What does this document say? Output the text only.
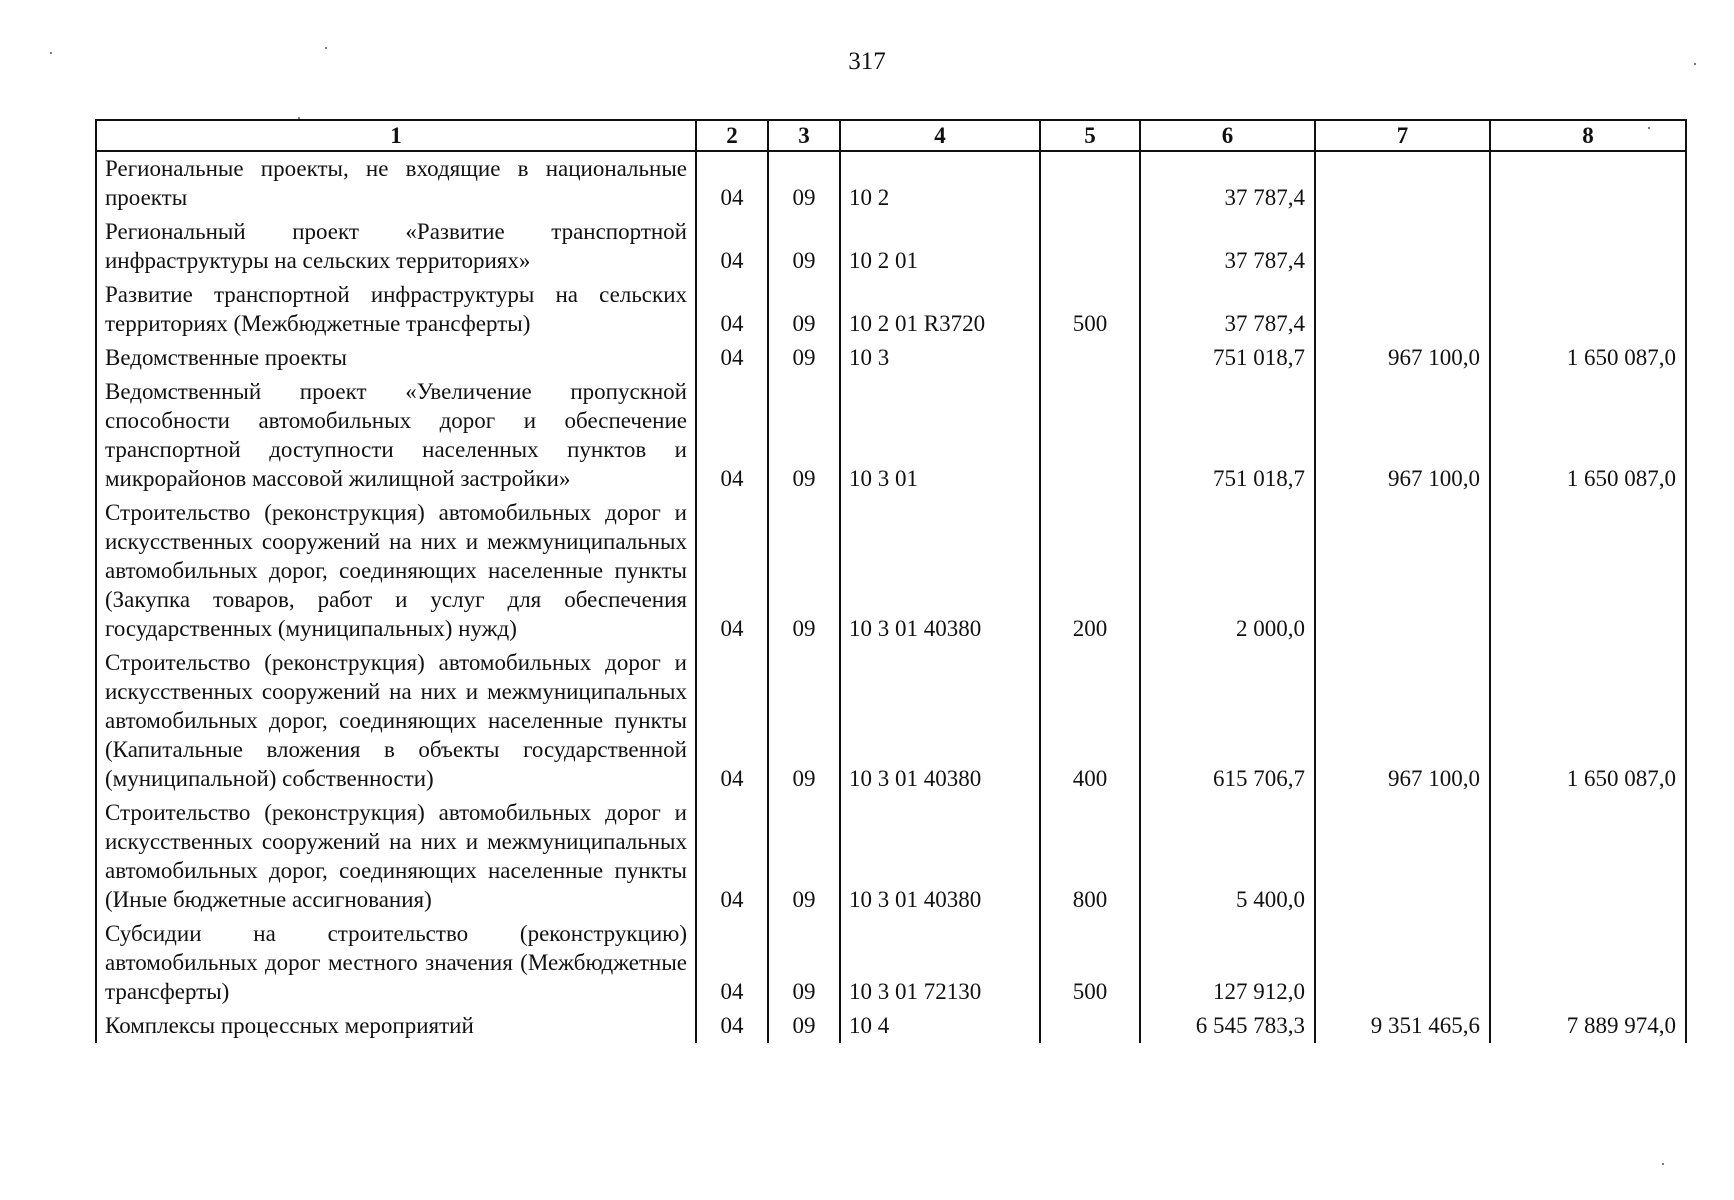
317
1	2	3	4	5	6	7	8
Региональные проекты, не входящие в национальные проекты	04	09	10 2		37 787,4		
Региональный проект «Развитие транспортной инфраструктуры на сельских территориях»	04	09	10 2 01		37 787,4		
Развитие транспортной инфраструктуры на сельских территориях (Межбюджетные трансферты)	04	09	10 2 01 R3720	500	37 787,4		
Ведомственные проекты	04	09	10 3		751 018,7	967 100,0	1 650 087,0
Ведомственный проект «Увеличение пропускной способности автомобильных дорог и обеспечение транспортной доступности населенных пунктов и микрорайонов массовой жилищной застройки»	04	09	10 3 01		751 018,7	967 100,0	1 650 087,0
Строительство (реконструкция) автомобильных дорог и искусственных сооружений на них и межмуниципальных автомобильных дорог, соединяющих населенные пункты (Закупка товаров, работ и услуг для обеспечения государственных (муниципальных) нужд)	04	09	10 3 01 40380	200	2 000,0		
Строительство (реконструкция) автомобильных дорог и искусственных сооружений на них и межмуниципальных автомобильных дорог, соединяющих населенные пункты (Капитальные вложения в объекты государственной (муниципальной) собственности)	04	09	10 3 01 40380	400	615 706,7	967 100,0	1 650 087,0
Строительство (реконструкция) автомобильных дорог и искусственных сооружений на них и межмуниципальных автомобильных дорог, соединяющих населенные пункты (Иные бюджетные ассигнования)	04	09	10 3 01 40380	800	5 400,0		
Субсидии на строительство (реконструкцию) автомобильных дорог местного значения (Межбюджетные трансферты)	04	09	10 3 01 72130	500	127 912,0		
Комплексы процессных мероприятий	04	09	10 4		6 545 783,3	9 351 465,6	7 889 974,0
